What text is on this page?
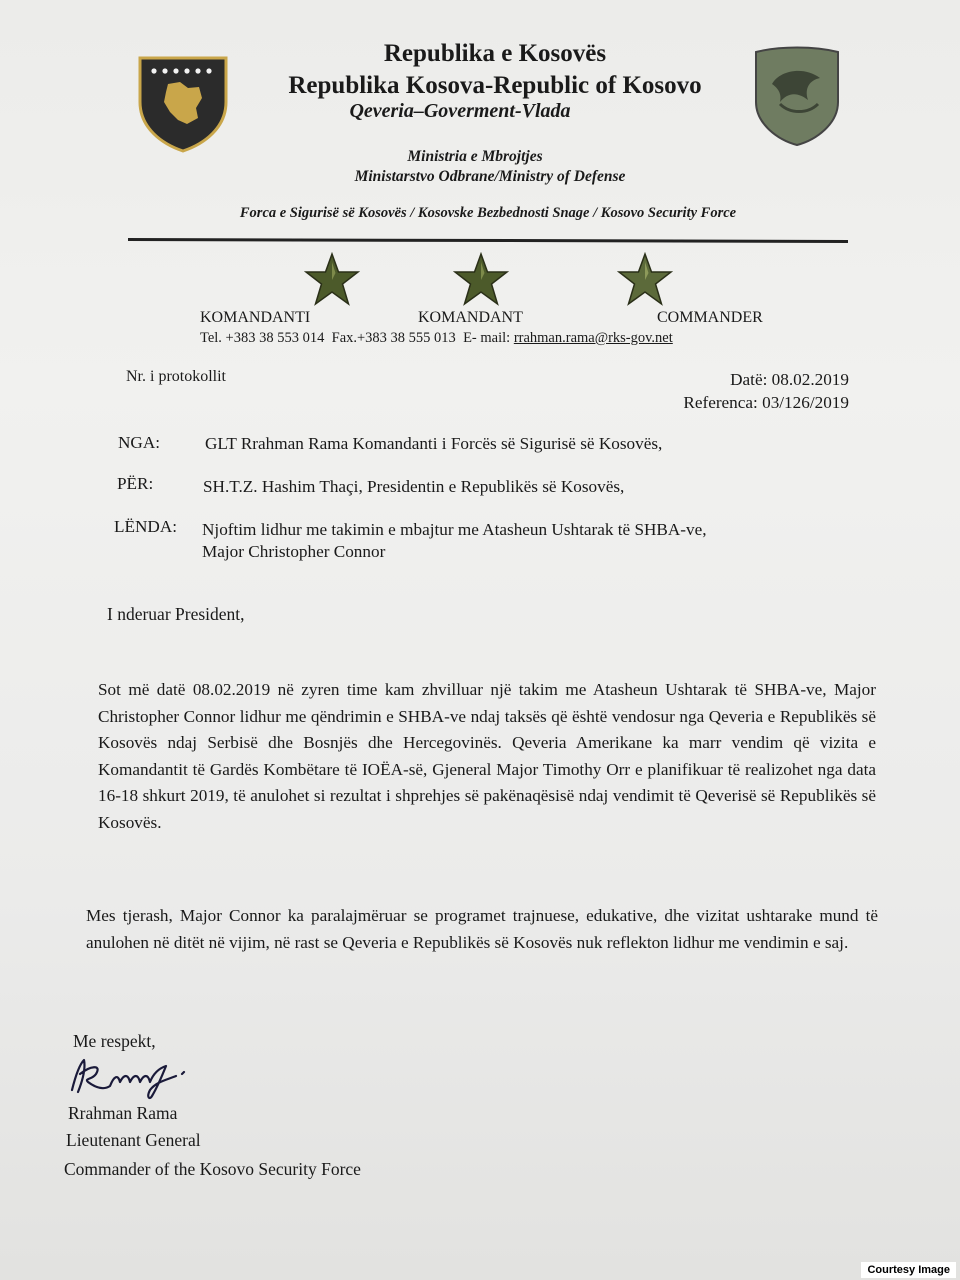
Republika e Kosovës
Republika Kosova-Republic of Kosovo
Qeveria–Goverment-Vlada
Ministria e Mbrojtjes
Ministarstvo Odbrane/Ministry of Defense
Forca e Sigurisë së Kosovës / Kosovske Bezbednosti Snage / Kosovo Security Force
KOMANDANTI	KOMANDANT	COMMANDER
Tel. +383 38 553 014 Fax.+383 38 555 013 E- mail: rrahman.rama@rks-gov.net
Nr. i protokollit	Datë: 08.02.2019
Referenca: 03/126/2019
NGA:	GLT Rrahman Rama Komandanti i Forcës së Sigurisë së Kosovës,
PËR:	SH.T.Z. Hashim Thaçi, Presidentin e Republikës së Kosovës,
LËNDA: Njoftim lidhur me takimin e mbajtur me Atasheun Ushtarak të SHBA-ve,
Major Christopher Connor
I nderuar President,
Sot më datë 08.02.2019 në zyren time kam zhvilluar një takim me Atasheun Ushtarak të SHBA-ve, Major Christopher Connor lidhur me qëndrimin e SHBA-ve ndaj taksës që është vendosur nga Qeveria e Republikës së Kosovës ndaj Serbisë dhe Bosnjës dhe Hercegovinës. Qeveria Amerikane ka marr vendim që vizita e Komandantit të Gardës Kombëtare të IOËA-së, Gjeneral Major Timothy Orr e planifikuar të realizohet nga data 16-18 shkurt 2019, të anulohet si rezultat i shprehjes së pakënaqësisë ndaj vendimit të Qeverisë së Republikës së Kosovës.
Mes tjerash, Major Connor ka paralajmëruar se programet trajnuese, edukative, dhe vizitat ushtarake mund të anulohen në ditët në vijim, në rast se Qeveria e Republikës së Kosovës nuk reflekton lidhur me vendimin e saj.
Me respekt,
Rrahman Rama
Lieutenant General
Commander of the Kosovo Security Force
Courtesy Image
